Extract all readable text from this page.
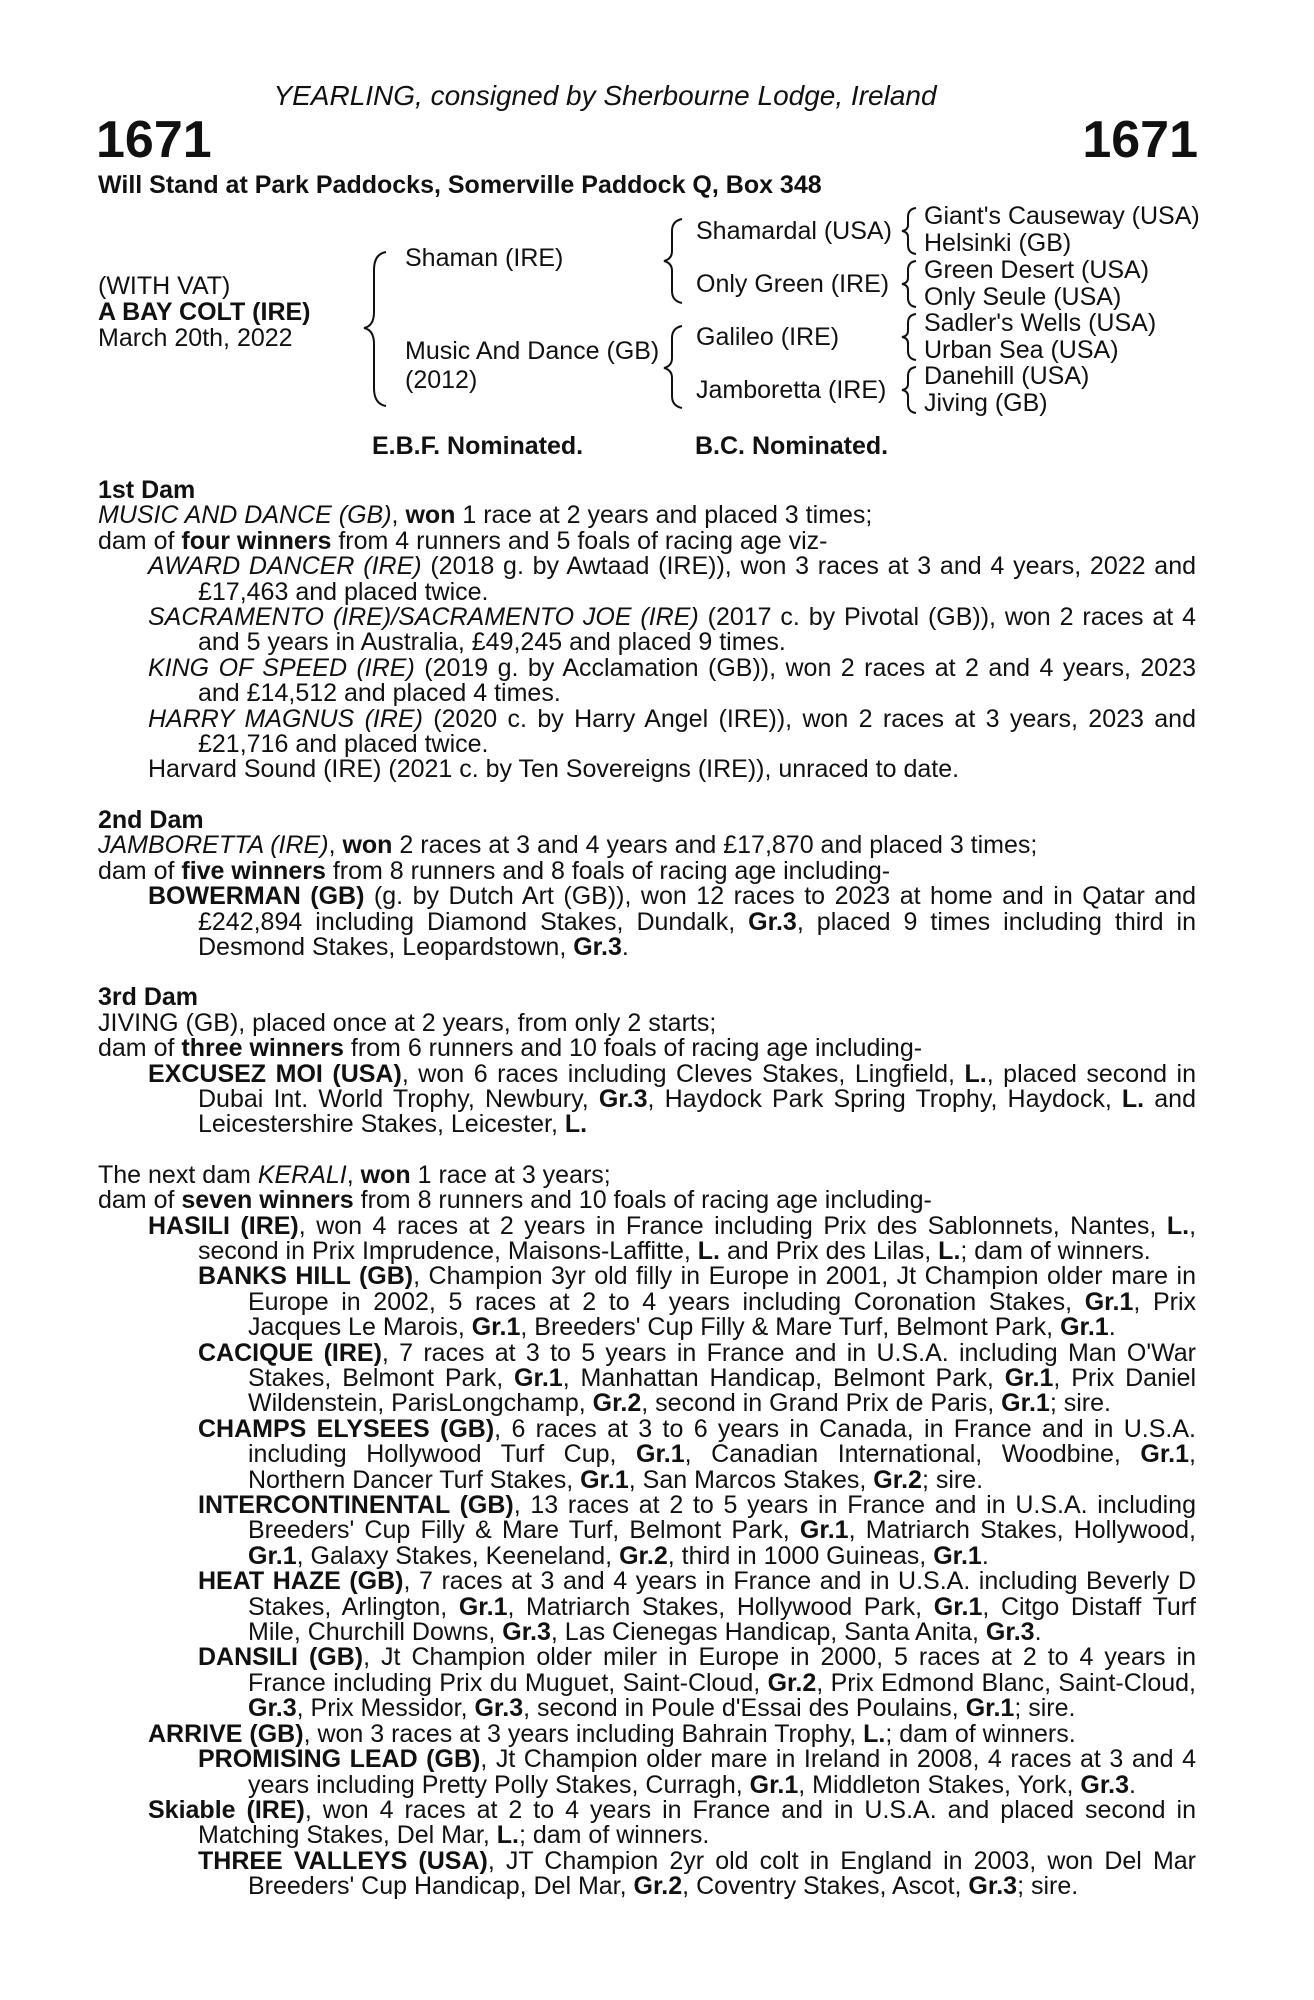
YEARLING, consigned by Sherbourne Lodge, Ireland
1671	1671
Will Stand at Park Paddocks, Somerville Paddock Q, Box 348
(WITH VAT)
A BAY COLT (IRE)
March 20th, 2022
Shaman (IRE)
Music And Dance (GB)
(2012)
Shamardal (USA)
Only Green (IRE)
Galileo (IRE)
Jamboretta (IRE)
Giant's Causeway (USA)
Helsinki (GB)
Green Desert (USA)
Only Seule (USA)
Sadler's Wells (USA)
Urban Sea (USA)
Danehill (USA)
Jiving (GB)
E.B.F. Nominated.	B.C. Nominated.

1st Dam

MUSIC AND DANCE (GB), won 1 race at 2 years and placed 3 times;

dam of four winners from 4 runners and 5 foals of racing age viz-

AWARD DANCER (IRE) (2018 g. by Awtaad (IRE)), won 3 races at 3 and 4 years, 2022 and £17,463 and placed twice.

SACRAMENTO (IRE)/SACRAMENTO JOE (IRE) (2017 c. by Pivotal (GB)), won 2 races at 4 and 5 years in Australia, £49,245 and placed 9 times.

KING OF SPEED (IRE) (2019 g. by Acclamation (GB)), won 2 races at 2 and 4 years, 2023 and £14,512 and placed 4 times.

HARRY MAGNUS (IRE) (2020 c. by Harry Angel (IRE)), won 2 races at 3 years, 2023 and £21,716 and placed twice.

Harvard Sound (IRE) (2021 c. by Ten Sovereigns (IRE)), unraced to date.

2nd Dam

JAMBORETTA (IRE), won 2 races at 3 and 4 years and £17,870 and placed 3 times;

dam of five winners from 8 runners and 8 foals of racing age including-

BOWERMAN (GB) (g. by Dutch Art (GB)), won 12 races to 2023 at home and in Qatar and £242,894 including Diamond Stakes, Dundalk, Gr.3, placed 9 times including third in Desmond Stakes, Leopardstown, Gr.3.

3rd Dam

JIVING (GB), placed once at 2 years, from only 2 starts;

dam of three winners from 6 runners and 10 foals of racing age including-

EXCUSEZ MOI (USA), won 6 races including Cleves Stakes, Lingfield, L., placed second in Dubai Int. World Trophy, Newbury, Gr.3, Haydock Park Spring Trophy, Haydock, L. and Leicestershire Stakes, Leicester, L.

The next dam KERALI, won 1 race at 3 years;

dam of seven winners from 8 runners and 10 foals of racing age including-

HASILI (IRE), won 4 races at 2 years in France including Prix des Sablonnets, Nantes, L., second in Prix Imprudence, Maisons-Laffitte, L. and Prix des Lilas, L.; dam of winners.

BANKS HILL (GB), Champion 3yr old filly in Europe in 2001, Jt Champion older mare in Europe in 2002, 5 races at 2 to 4 years including Coronation Stakes, Gr.1, Prix Jacques Le Marois, Gr.1, Breeders' Cup Filly & Mare Turf, Belmont Park, Gr.1.

CACIQUE (IRE), 7 races at 3 to 5 years in France and in U.S.A. including Man O'War Stakes, Belmont Park, Gr.1, Manhattan Handicap, Belmont Park, Gr.1, Prix Daniel Wildenstein, ParisLongchamp, Gr.2, second in Grand Prix de Paris, Gr.1; sire.

CHAMPS ELYSEES (GB), 6 races at 3 to 6 years in Canada, in France and in U.S.A. including Hollywood Turf Cup, Gr.1, Canadian International, Woodbine, Gr.1, Northern Dancer Turf Stakes, Gr.1, San Marcos Stakes, Gr.2; sire.

INTERCONTINENTAL (GB), 13 races at 2 to 5 years in France and in U.S.A. including Breeders' Cup Filly & Mare Turf, Belmont Park, Gr.1, Matriarch Stakes, Hollywood, Gr.1, Galaxy Stakes, Keeneland, Gr.2, third in 1000 Guineas, Gr.1.

HEAT HAZE (GB), 7 races at 3 and 4 years in France and in U.S.A. including Beverly D Stakes, Arlington, Gr.1, Matriarch Stakes, Hollywood Park, Gr.1, Citgo Distaff Turf Mile, Churchill Downs, Gr.3, Las Cienegas Handicap, Santa Anita, Gr.3.

DANSILI (GB), Jt Champion older miler in Europe in 2000, 5 races at 2 to 4 years in France including Prix du Muguet, Saint-Cloud, Gr.2, Prix Edmond Blanc, Saint-Cloud, Gr.3, Prix Messidor, Gr.3, second in Poule d'Essai des Poulains, Gr.1; sire.

ARRIVE (GB), won 3 races at 3 years including Bahrain Trophy, L.; dam of winners.

PROMISING LEAD (GB), Jt Champion older mare in Ireland in 2008, 4 races at 3 and 4 years including Pretty Polly Stakes, Curragh, Gr.1, Middleton Stakes, York, Gr.3.

Skiable (IRE), won 4 races at 2 to 4 years in France and in U.S.A. and placed second in Matching Stakes, Del Mar, L.; dam of winners.

THREE VALLEYS (USA), JT Champion 2yr old colt in England in 2003, won Del Mar Breeders' Cup Handicap, Del Mar, Gr.2, Coventry Stakes, Ascot, Gr.3; sire.
